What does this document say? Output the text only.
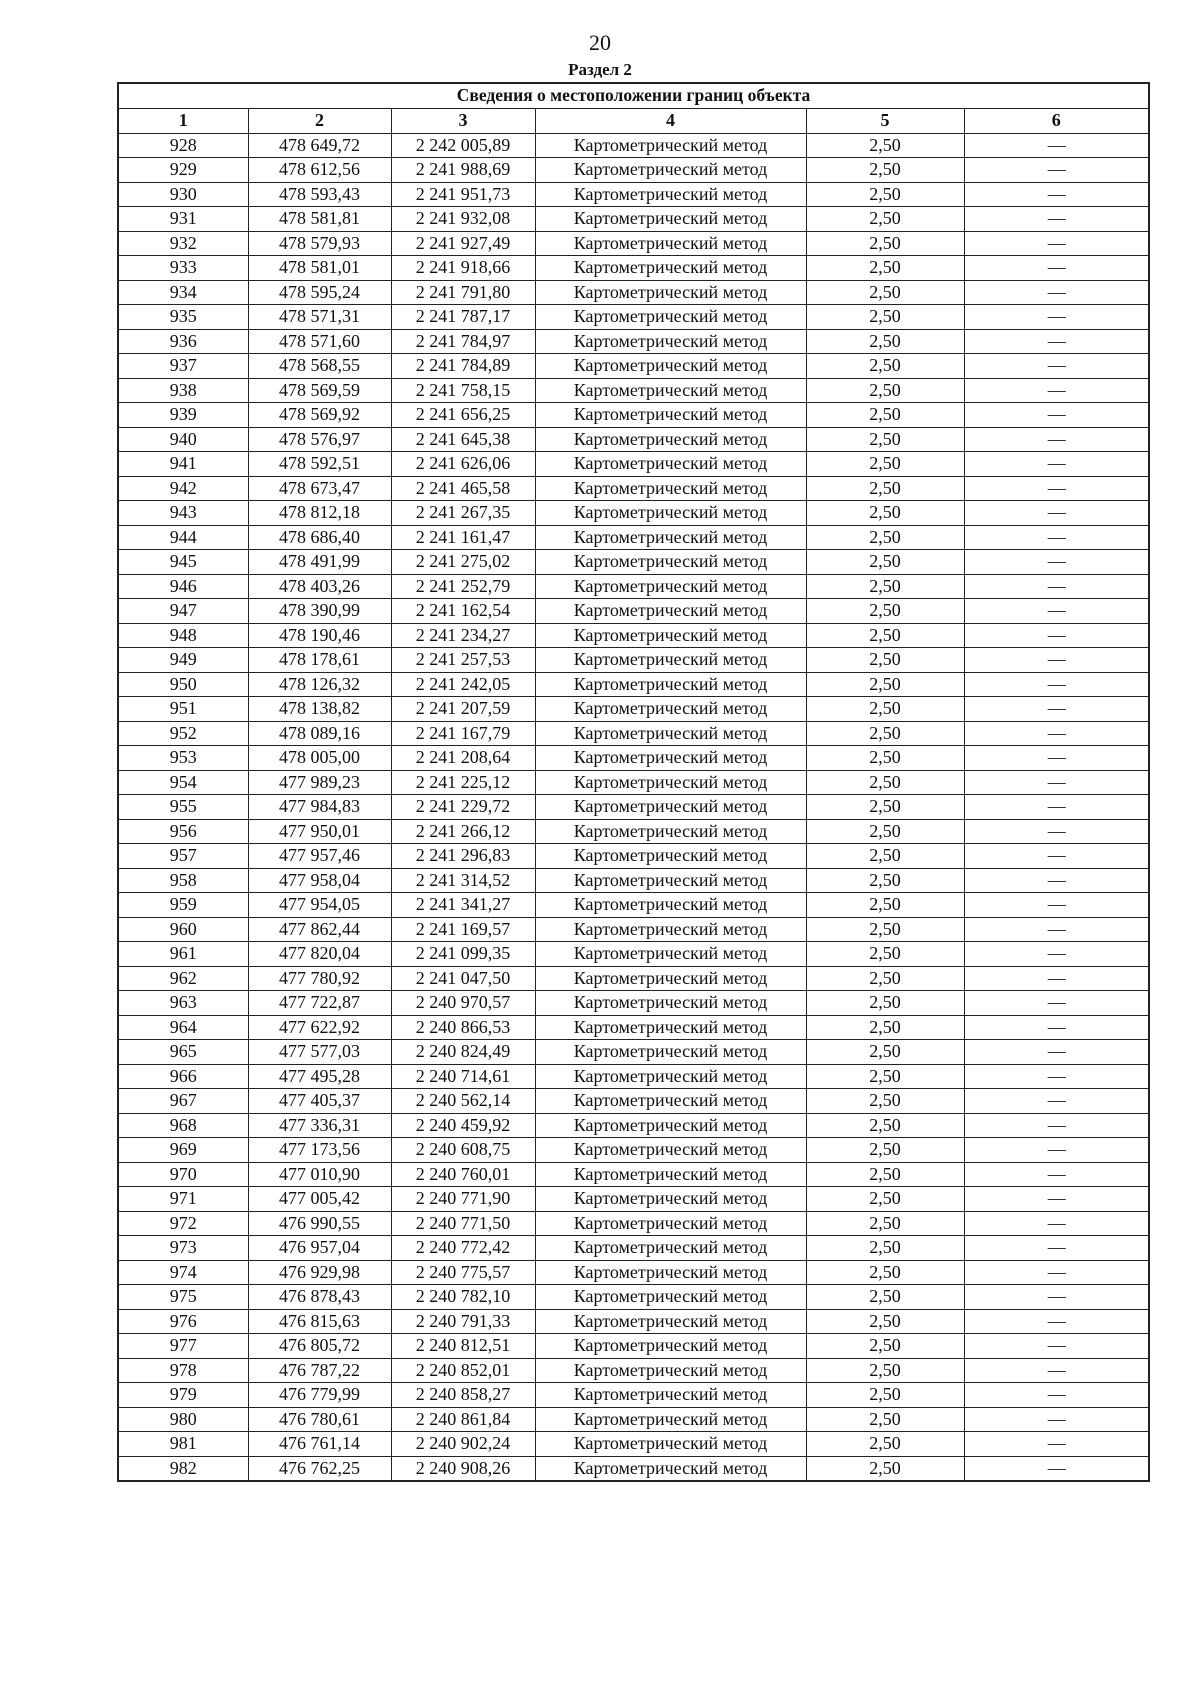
20
Раздел 2
Сведения о местоположении границ объекта					
1	2	3	4	5	6
928	478 649,72	2 242 005,89	Картометрический метод	2,50	—
929	478 612,56	2 241 988,69	Картометрический метод	2,50	—
930	478 593,43	2 241 951,73	Картометрический метод	2,50	—
931	478 581,81	2 241 932,08	Картометрический метод	2,50	—
932	478 579,93	2 241 927,49	Картометрический метод	2,50	—
933	478 581,01	2 241 918,66	Картометрический метод	2,50	—
934	478 595,24	2 241 791,80	Картометрический метод	2,50	—
935	478 571,31	2 241 787,17	Картометрический метод	2,50	—
936	478 571,60	2 241 784,97	Картометрический метод	2,50	—
937	478 568,55	2 241 784,89	Картометрический метод	2,50	—
938	478 569,59	2 241 758,15	Картометрический метод	2,50	—
939	478 569,92	2 241 656,25	Картометрический метод	2,50	—
940	478 576,97	2 241 645,38	Картометрический метод	2,50	—
941	478 592,51	2 241 626,06	Картометрический метод	2,50	—
942	478 673,47	2 241 465,58	Картометрический метод	2,50	—
943	478 812,18	2 241 267,35	Картометрический метод	2,50	—
944	478 686,40	2 241 161,47	Картометрический метод	2,50	—
945	478 491,99	2 241 275,02	Картометрический метод	2,50	—
946	478 403,26	2 241 252,79	Картометрический метод	2,50	—
947	478 390,99	2 241 162,54	Картометрический метод	2,50	—
948	478 190,46	2 241 234,27	Картометрический метод	2,50	—
949	478 178,61	2 241 257,53	Картометрический метод	2,50	—
950	478 126,32	2 241 242,05	Картометрический метод	2,50	—
951	478 138,82	2 241 207,59	Картометрический метод	2,50	—
952	478 089,16	2 241 167,79	Картометрический метод	2,50	—
953	478 005,00	2 241 208,64	Картометрический метод	2,50	—
954	477 989,23	2 241 225,12	Картометрический метод	2,50	—
955	477 984,83	2 241 229,72	Картометрический метод	2,50	—
956	477 950,01	2 241 266,12	Картометрический метод	2,50	—
957	477 957,46	2 241 296,83	Картометрический метод	2,50	—
958	477 958,04	2 241 314,52	Картометрический метод	2,50	—
959	477 954,05	2 241 341,27	Картометрический метод	2,50	—
960	477 862,44	2 241 169,57	Картометрический метод	2,50	—
961	477 820,04	2 241 099,35	Картометрический метод	2,50	—
962	477 780,92	2 241 047,50	Картометрический метод	2,50	—
963	477 722,87	2 240 970,57	Картометрический метод	2,50	—
964	477 622,92	2 240 866,53	Картометрический метод	2,50	—
965	477 577,03	2 240 824,49	Картометрический метод	2,50	—
966	477 495,28	2 240 714,61	Картометрический метод	2,50	—
967	477 405,37	2 240 562,14	Картометрический метод	2,50	—
968	477 336,31	2 240 459,92	Картометрический метод	2,50	—
969	477 173,56	2 240 608,75	Картометрический метод	2,50	—
970	477 010,90	2 240 760,01	Картометрический метод	2,50	—
971	477 005,42	2 240 771,90	Картометрический метод	2,50	—
972	476 990,55	2 240 771,50	Картометрический метод	2,50	—
973	476 957,04	2 240 772,42	Картометрический метод	2,50	—
974	476 929,98	2 240 775,57	Картометрический метод	2,50	—
975	476 878,43	2 240 782,10	Картометрический метод	2,50	—
976	476 815,63	2 240 791,33	Картометрический метод	2,50	—
977	476 805,72	2 240 812,51	Картометрический метод	2,50	—
978	476 787,22	2 240 852,01	Картометрический метод	2,50	—
979	476 779,99	2 240 858,27	Картометрический метод	2,50	—
980	476 780,61	2 240 861,84	Картометрический метод	2,50	—
981	476 761,14	2 240 902,24	Картометрический метод	2,50	—
982	476 762,25	2 240 908,26	Картометрический метод	2,50	—
